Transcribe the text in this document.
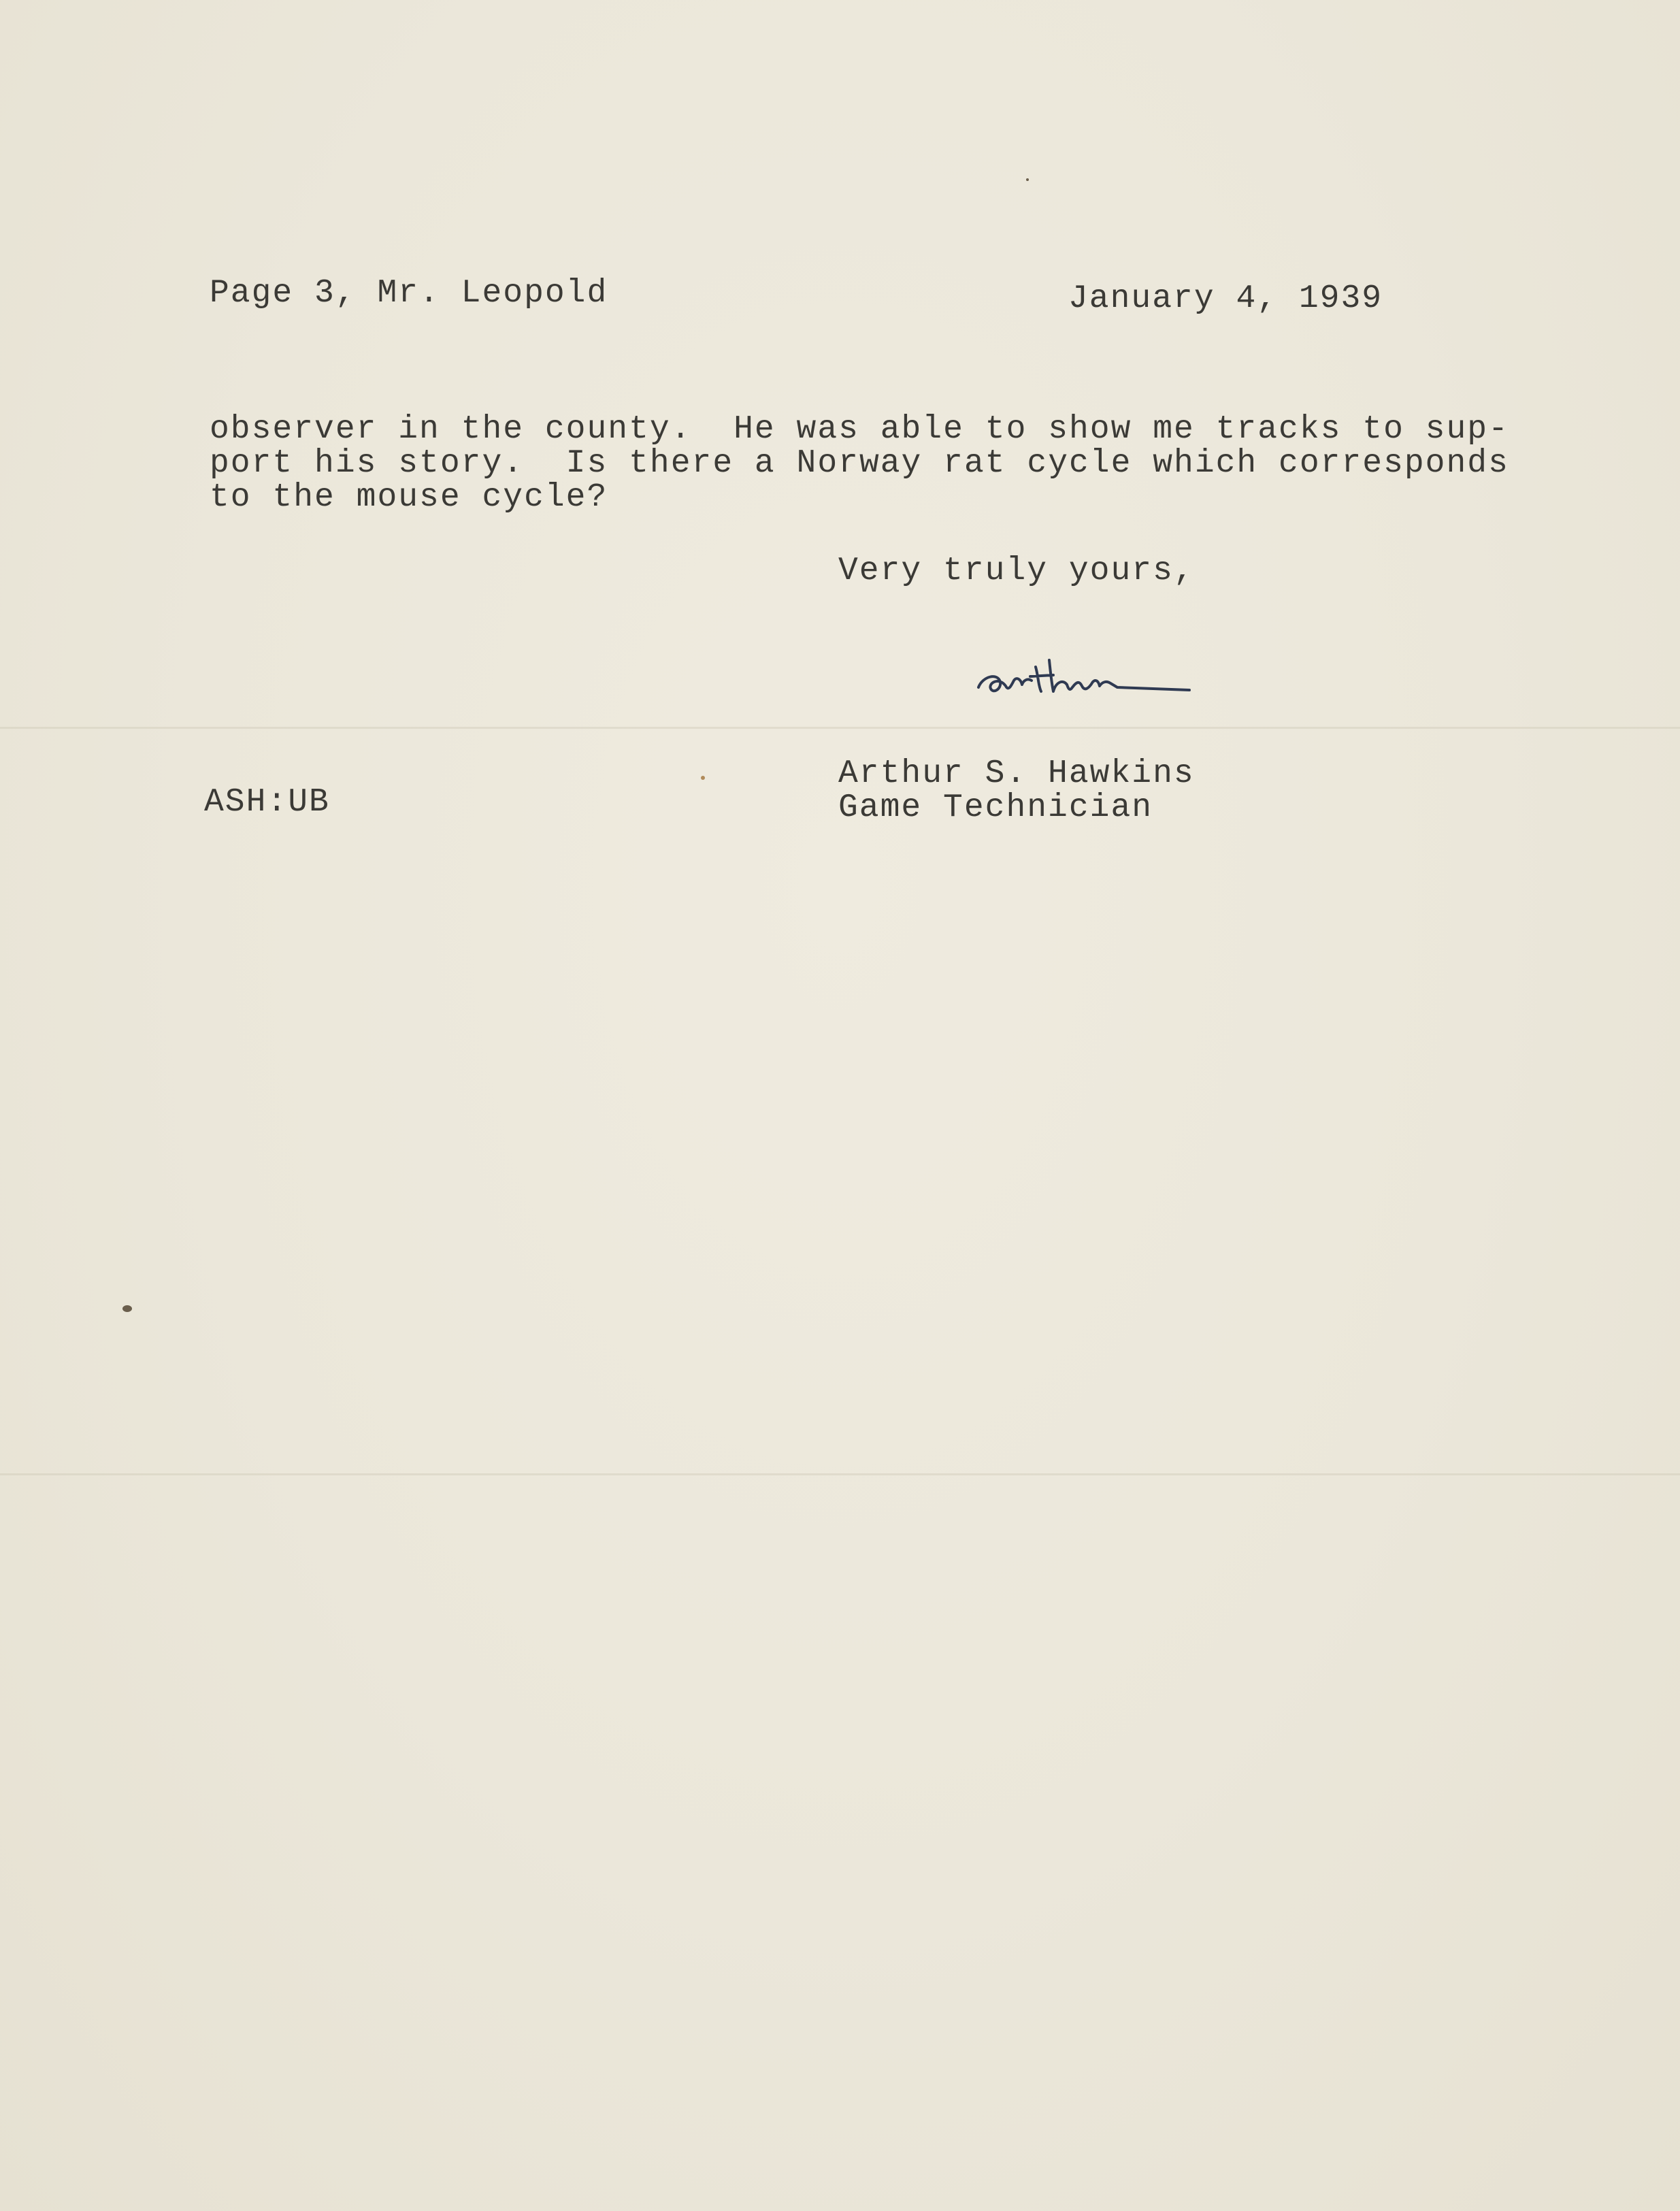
Page 3, Mr. Leopold	January 4, 1939
observer in the county.  He was able to show me tracks to sup-
port his story.  Is there a Norway rat cycle which corresponds
to the mouse cycle?
Very truly yours,
Arthur S. Hawkins
Game Technician
ASH:UB
